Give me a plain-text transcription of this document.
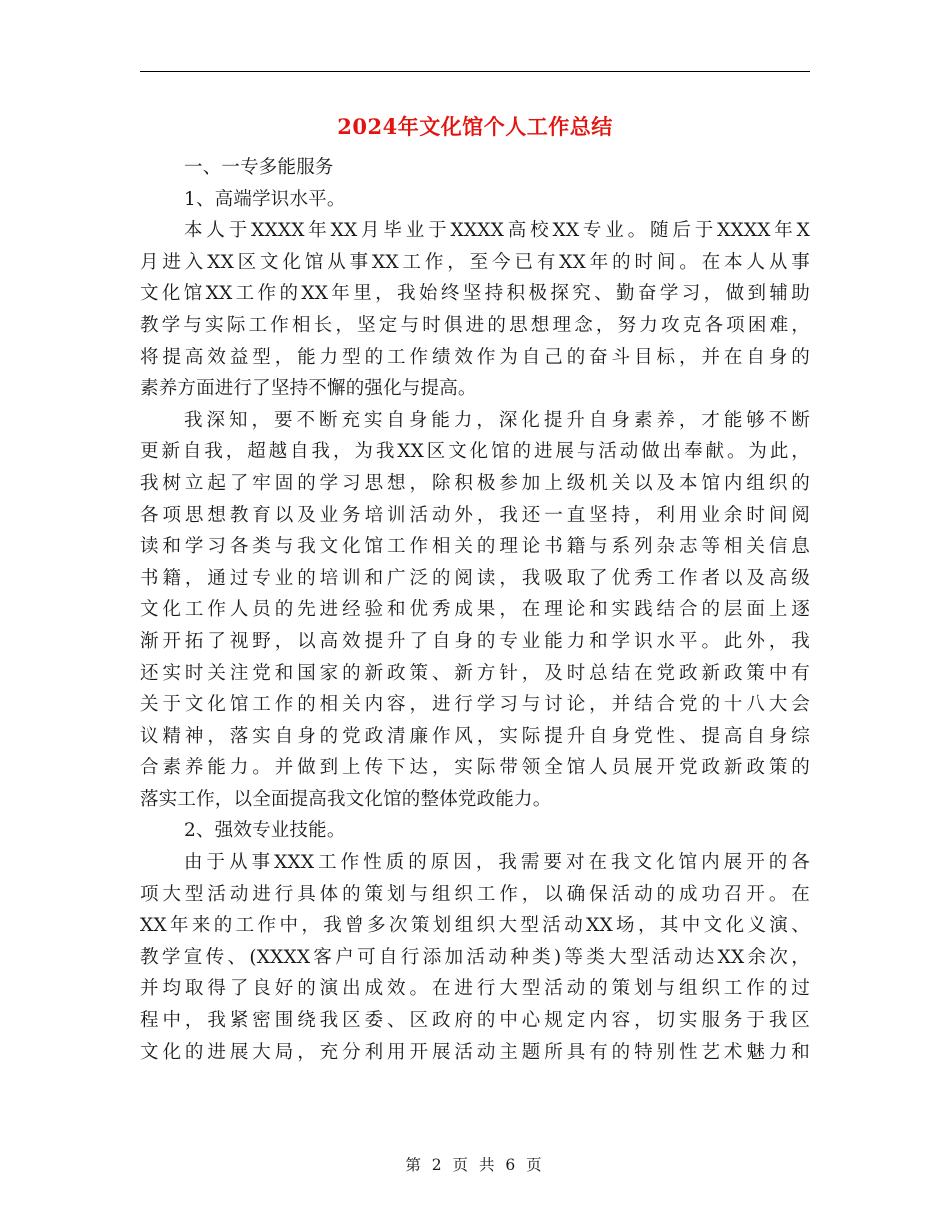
2024年文化馆个人工作总结
一、一专多能服务
1、高端学识水平。
本人于XXXX年XX月毕业于XXXX高校XX专业。随后于XXXX年X
月进入XX区文化馆从事XX工作，至今已有XX年的时间。在本人从事
文化馆XX工作的XX年里，我始终坚持积极探究、勤奋学习，做到辅助
教学与实际工作相长，坚定与时俱进的思想理念，努力攻克各项困难，
将提高效益型，能力型的工作绩效作为自己的奋斗目标，并在自身的
素养方面进行了坚持不懈的强化与提高。
我深知，要不断充实自身能力，深化提升自身素养，才能够不断
更新自我，超越自我，为我XX区文化馆的进展与活动做出奉献。为此，
我树立起了牢固的学习思想，除积极参加上级机关以及本馆内组织的
各项思想教育以及业务培训活动外，我还一直坚持，利用业余时间阅
读和学习各类与我文化馆工作相关的理论书籍与系列杂志等相关信息
书籍，通过专业的培训和广泛的阅读，我吸取了优秀工作者以及高级
文化工作人员的先进经验和优秀成果，在理论和实践结合的层面上逐
渐开拓了视野，以高效提升了自身的专业能力和学识水平。此外，我
还实时关注党和国家的新政策、新方针，及时总结在党政新政策中有
关于文化馆工作的相关内容，进行学习与讨论，并结合党的十八大会
议精神，落实自身的党政清廉作风，实际提升自身党性、提高自身综
合素养能力。并做到上传下达，实际带领全馆人员展开党政新政策的
落实工作，以全面提高我文化馆的整体党政能力。
2、强效专业技能。
由于从事XXX工作性质的原因，我需要对在我文化馆内展开的各
项大型活动进行具体的策划与组织工作，以确保活动的成功召开。在
XX年来的工作中，我曾多次策划组织大型活动XX场，其中文化义演、
教学宣传、(XXXX客户可自行添加活动种类)等类大型活动达XX余次，
并均取得了良好的演出成效。在进行大型活动的策划与组织工作的过
程中，我紧密围绕我区委、区政府的中心规定内容，切实服务于我区
文化的进展大局，充分利用开展活动主题所具有的特别性艺术魅力和
第 2 页 共 6 页
